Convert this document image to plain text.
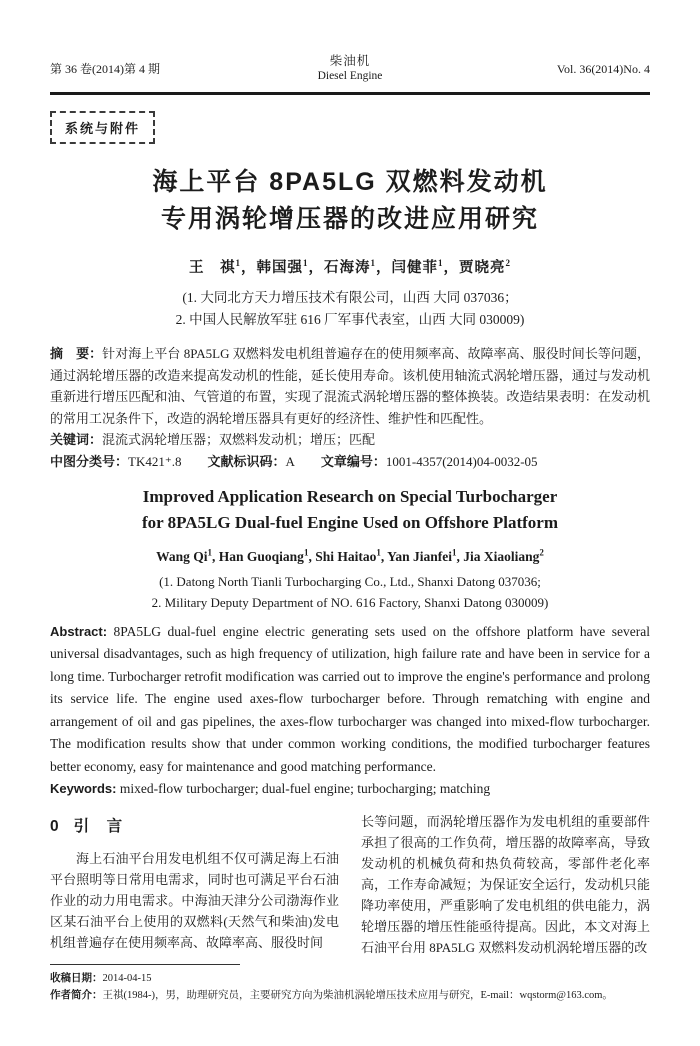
第 36 卷(2014)第 4 期
柴油机
Diesel Engine
Vol. 36(2014)No. 4
系统与附件
海上平台 8PA5LG 双燃料发动机
专用涡轮增压器的改进应用研究
王　祺$^1$，韩国强$^1$，石海涛$^1$，闫健菲$^1$，贾晓亮$^2$
(1. 大同北方天力增压技术有限公司，山西 大同 037036；
2. 中国人民解放军驻 616 厂军事代表室，山西 大同 030009)

摘　要：针对海上平台 8PA5LG 双燃料发电机组普遍存在的使用频率高、故障率高、服役时间长等问题，通过涡轮增压器的改造来提高发动机的性能，延长使用寿命。该机使用轴流式涡轮增压器，通过与发动机重新进行增压匹配和油、气管道的布置，实现了混流式涡轮增压器的整体换装。改造结果表明：在发动机的常用工况条件下，改造的涡轮增压器具有更好的经济性、维护性和匹配性。

关键词：混流式涡轮增压器；双燃料发动机；增压；匹配

中图分类号：TK421⁺.8 文献标识码：A 文章编号：1001-4357(2014)04-0032-05
Improved Application Research on Special Turbocharger
for 8PA5LG Dual-fuel Engine Used on Offshore Platform
Wang Qi$^1$, Han Guoqiang$^1$, Shi Haitao$^1$, Yan Jianfei$^1$, Jia Xiaoliang$^2$
(1. Datong North Tianli Turbocharging Co., Ltd., Shanxi Datong 037036;
2. Military Deputy Department of NO. 616 Factory, Shanxi Datong 030009)

Abstract: 8PA5LG dual-fuel engine electric generating sets used on the offshore platform have several universal disadvantages, such as high frequency of utilization, high failure rate and have been in service for a long time. Turbocharger retrofit modification was carried out to improve the engine's performance and prolong its service life. The engine used axes-flow turbocharger before. Through rematching with engine and arrangement of oil and gas pipelines, the axes-flow turbocharger was changed into mixed-flow turbocharger. The modification results show that under common working conditions, the modified turbocharger features better economy, easy for maintenance and good matching performance.

Keywords: mixed-flow turbocharger; dual-fuel engine; turbocharging; matching

0 引　言

海上石油平台用发电机组不仅可满足海上石油平台照明等日常用电需求，同时也可满足平台石油作业的动力用电需求。中海油天津分公司渤海作业区某石油平台上使用的双燃料(天然气和柴油)发电机组普遍存在使用频率高、故障率高、服役时间

长等问题，而涡轮增压器作为发电机组的重要部件承担了很高的工作负荷，增压器的故障率高，导致发动机的机械负荷和热负荷较高，零部件老化率高，工作寿命减短；为保证安全运行，发动机只能降功率使用，严重影响了发电机组的供电能力，涡轮增压器的增压性能亟待提高。因此，本文对海上石油平台用 8PA5LG 双燃料发动机涡轮增压器的改

收稿日期：2014-04-15

作者简介：王祺(1984-)，男，助理研究员，主要研究方向为柴油机涡轮增压技术应用与研究，E-mail：wqstorm@163.com。
